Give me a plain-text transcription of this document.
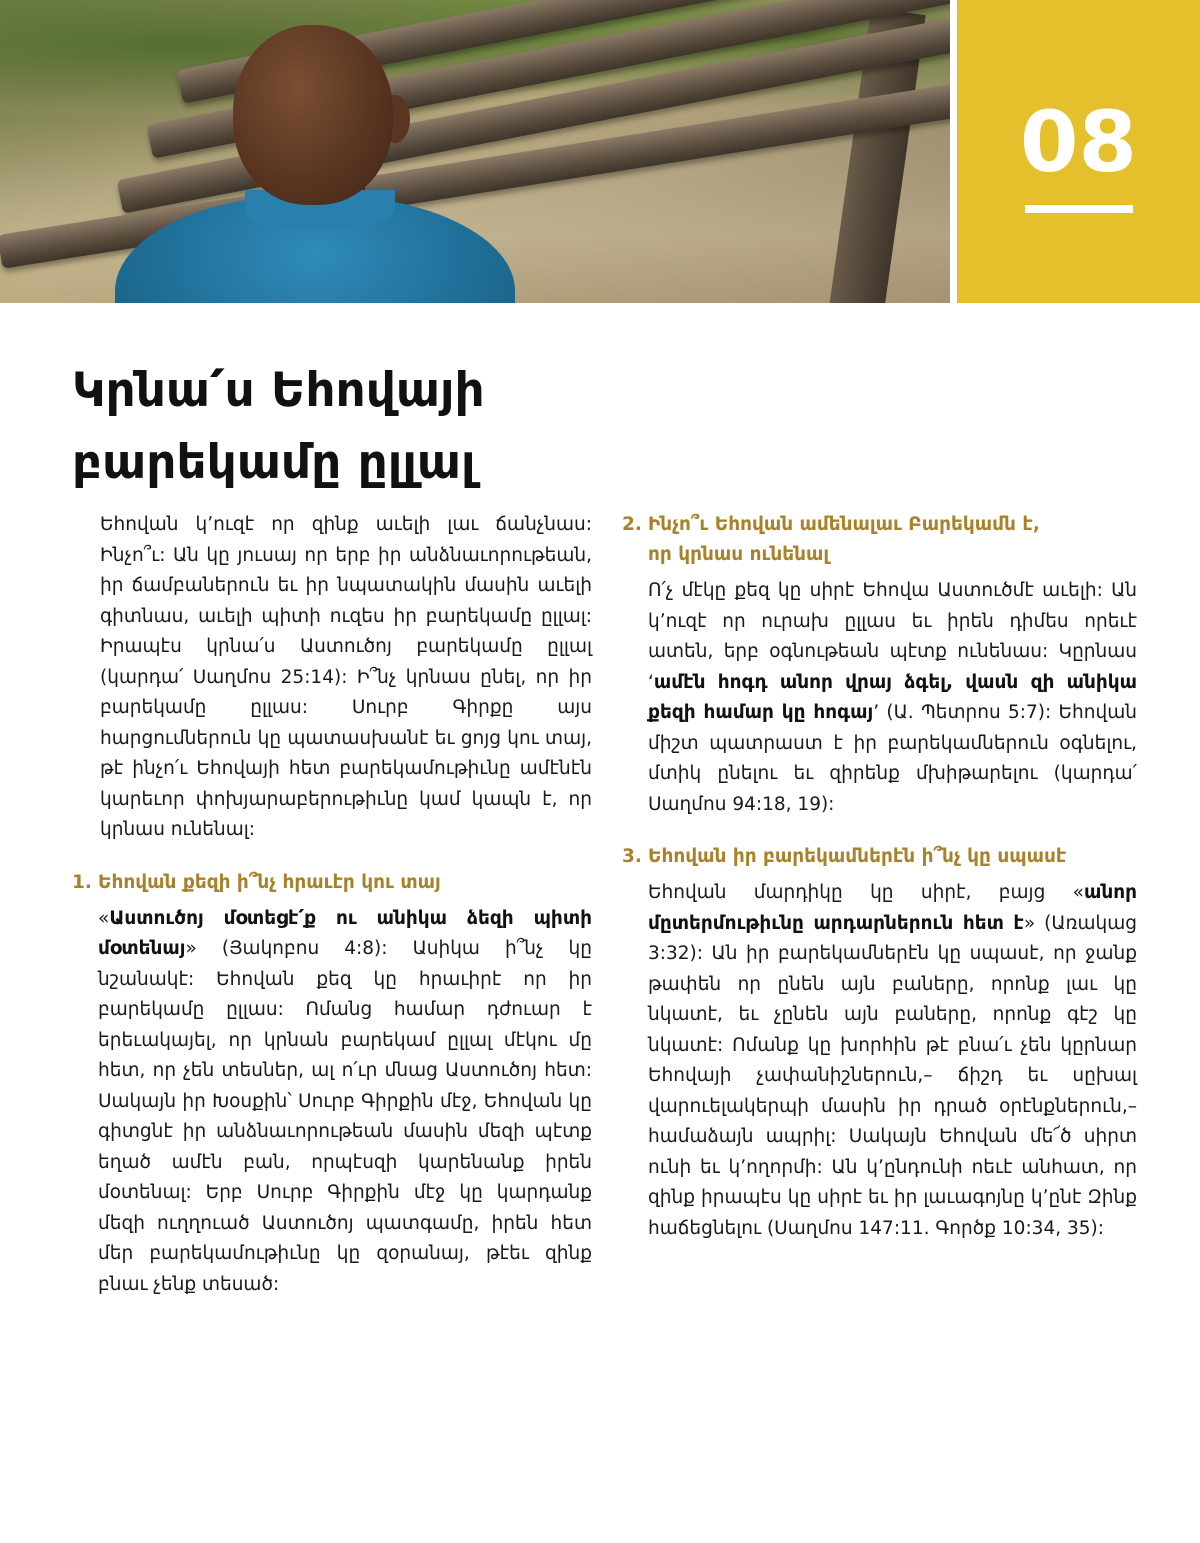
08
Կրնա՛ս Եհովայի
բարեկամը ըլլալ

Եհովան կ՚ուզէ որ զինք աւելի լաւ ճանչնաս: Ինչո՞ւ: Ան կը յուսայ որ երբ իր անձնաւորութեան, իր ճամբաներուն եւ իր նպատակին մասին աւելի գիտնաս, աւելի պիտի ուզես իր բարեկամը ըլլալ: Իրապէս կրնա՛ս Աստուծոյ բարեկամը ըլլալ (կարդա՛ Սաղմոս 25:14): Ի՞նչ կրնաս ընել, որ իր բարեկամը ըլլաս: Սուրբ Գիրքը այս հարցումներուն կը պատասխանէ եւ ցոյց կու տայ, թէ ինչո՛ւ Եհովայի հետ բարեկամութիւնը ամէնէն կարեւոր փոխյարաբերութիւնը կամ կապն է, որ կրնաս ունենալ:

1. Եհովան քեզի ի՞նչ հրաւէր կու տայ

«Աստուծոյ մօտեցէ՛ք ու անիկա ձեզի պիտի մօտենայ» (Յակոբոս 4:8): Ասիկա ի՞նչ կը նշանակէ: Եհովան քեզ կը հրաւիրէ որ իր բարեկամը ըլլաս: Ոմանց համար դժուար է երեւակայել, որ կրնան բարեկամ ըլլալ մէկու մը հետ, որ չեն տեսներ, ալ ո՛ւր մնաց Աստուծոյ հետ: Սակայն իր Խօսքին՝ Սուրբ Գիրքին մէջ, Եհովան կը գիտցնէ իր անձնաւորութեան մասին մեզի պէտք եղած ամէն բան, որպէսզի կարենանք իրեն մօտենալ: Երբ Սուրբ Գիրքին մէջ կը կարդանք մեզի ուղղուած Աստուծոյ պատգամը, իրեն հետ մեր բարեկամութիւնը կը զօրանայ, թէեւ զինք բնաւ չենք տեսած:

2. Ինչո՞ւ Եհովան ամենալաւ Բարեկամն է,
որ կրնաս ունենալ

Ո՛չ մէկը քեզ կը սիրէ Եհովա Աստուծմէ աւելի: Ան կ՚ուզէ որ ուրախ ըլլաս եւ իրեն դիմես որեւէ ատեն, երբ օգնութեան պէտք ունենաս: Կըրնաս ‘ամէն հոգդ անոր վրայ ձգել, վասն զի անիկա քեզի համար կը հոգայ’ (Ա. Պետրոս 5:7): Եհովան միշտ պատրաստ է իր բարեկամներուն օգնելու, մտիկ ընելու եւ զիրենք մխիթարելու (կարդա՛ Սաղմոս 94:18, 19):

3. Եհովան իր բարեկամներէն ի՞նչ կը սպասէ

Եհովան մարդիկը կը սիրէ, բայց «անոր մըտերմութիւնը արդարներուն հետ է» (Առակաց 3:32): Ան իր բարեկամներէն կը սպասէ, որ ջանք թափեն որ ընեն այն բաները, որոնք լաւ կը նկատէ, եւ չընեն այն բաները, որոնք գէշ կը նկատէ: Ոմանք կը խորհին թէ բնա՛ւ չեն կըրնար Եհովայի չափանիշներուն,– ճիշդ եւ սըխալ վարուելակերպի մասին իր դրած օրէնքներուն,– համաձայն ապրիլ: Սակայն Եհովան մե՜ծ սիրտ ունի եւ կ՚ողորմի: Ան կ՚ընդունի ոեւէ անհատ, որ զինք իրապէս կը սիրէ եւ իր լաւագոյնը կ՚ընէ Զինք հաճեցնելու (Սաղմոս 147:11. Գործք 10:34, 35):
